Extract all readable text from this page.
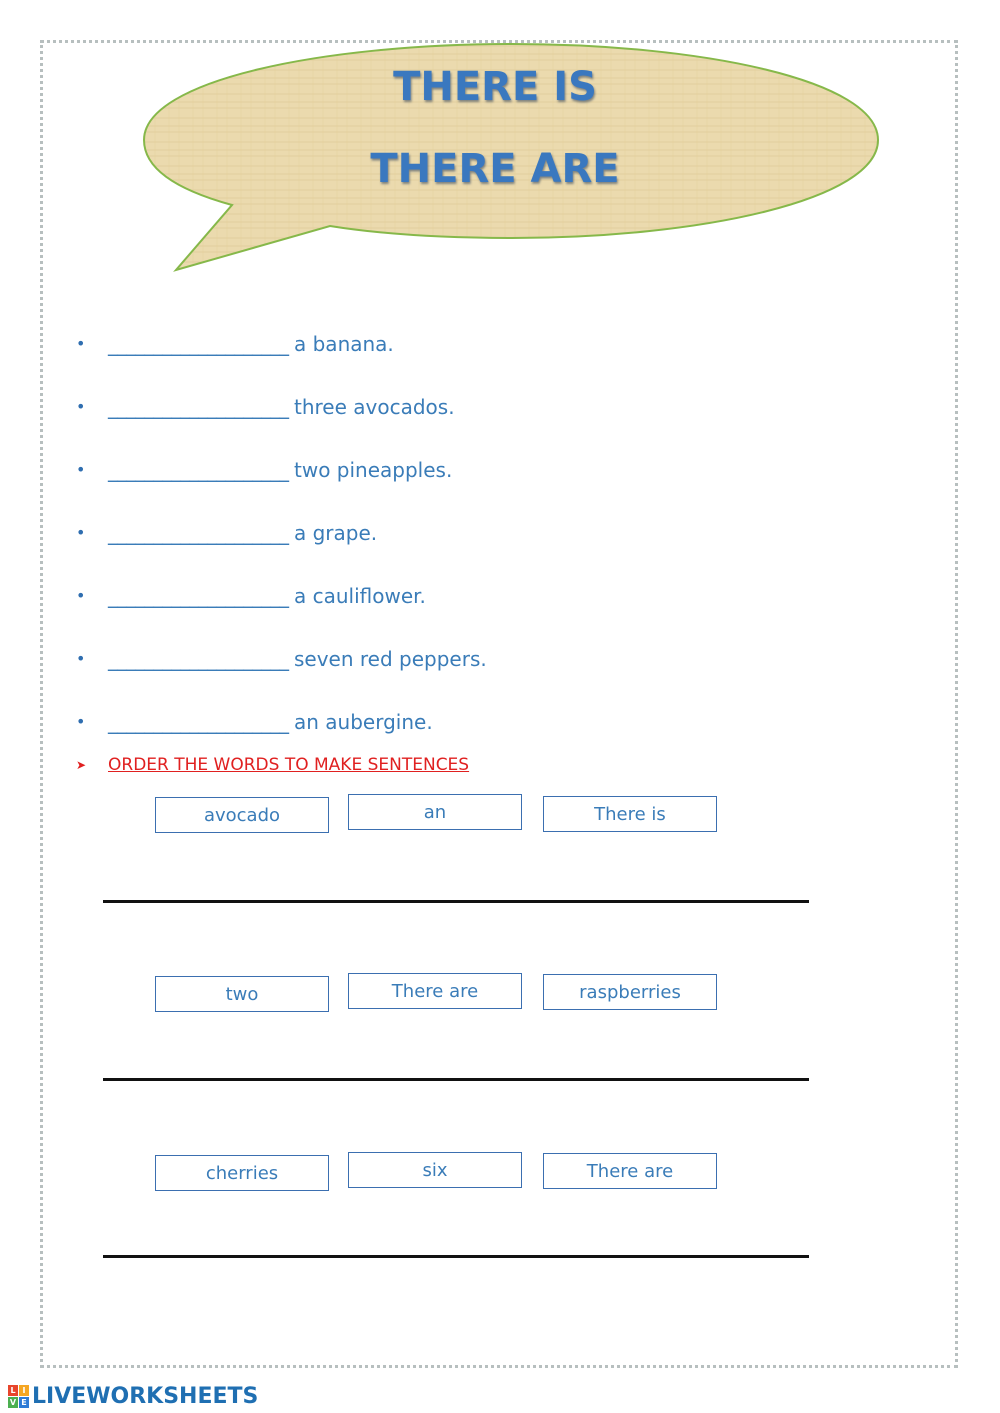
THERE IS
THERE ARE
•	____________________ a banana.
•	____________________ three avocados.
•	____________________ two pineapples.
•	____________________ a grape.
•	____________________ a cauliflower.
•	____________________ seven red peppers.
•	____________________ an aubergine.
➤	ORDER THE WORDS TO MAKE SENTENCES
avocado	an	There is
two	There are	raspberries
cherries	six	There are
L I
V E LIVEWORKSHEETS
